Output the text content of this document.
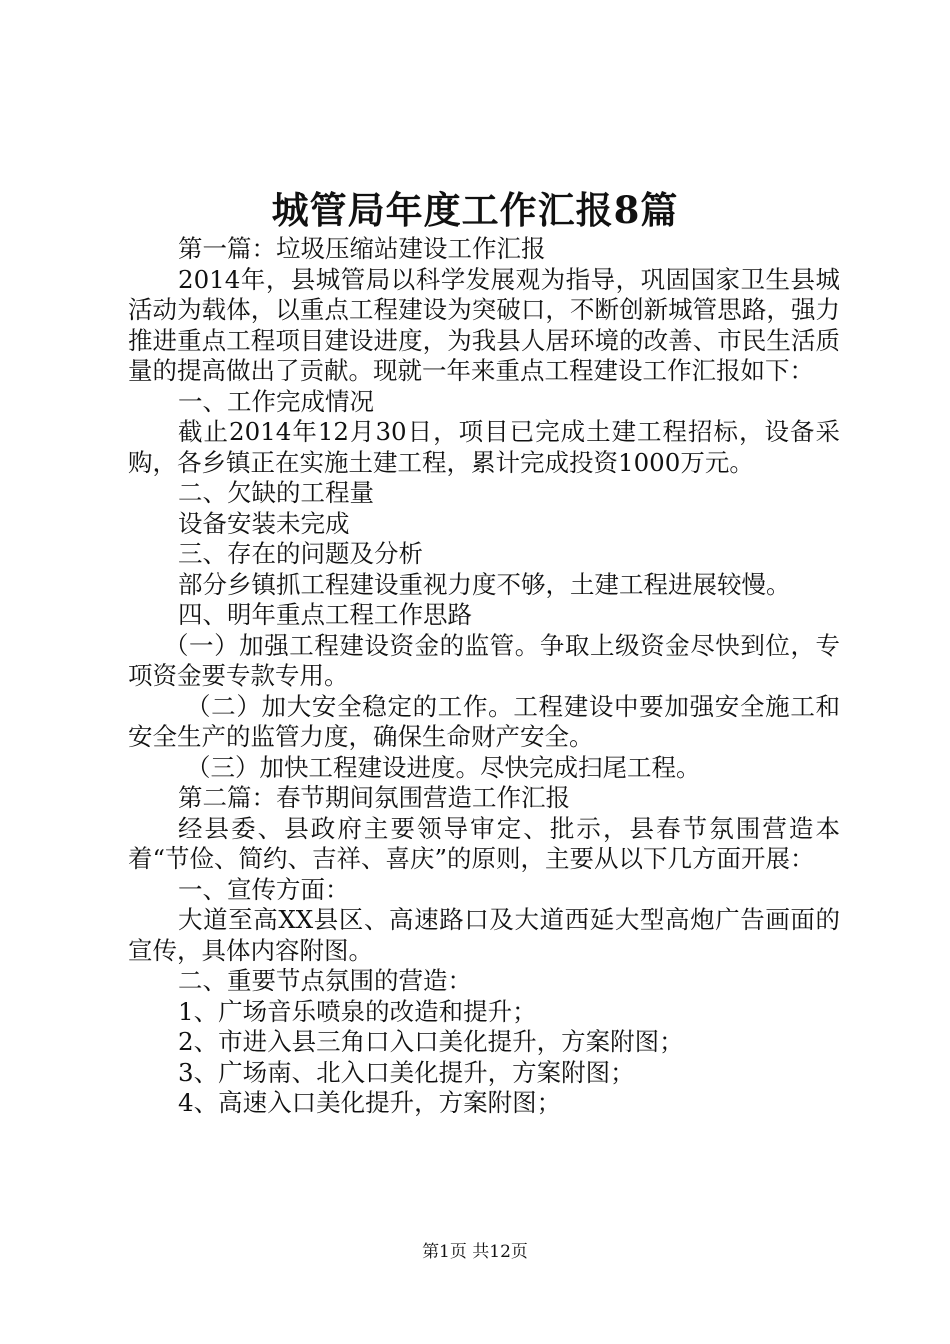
城管局年度工作汇报8篇

第一篇：垃圾压缩站建设工作汇报

2014年，县城管局以科学发展观为指导，巩固国家卫生县城活动为载体，以重点工程建设为突破口，不断创新城管思路，强力推进重点工程项目建设进度，为我县人居环境的改善、市民生活质量的提高做出了贡献。现就一年来重点工程建设工作汇报如下：

一、工作完成情况

截止2014年12月30日，项目已完成土建工程招标，设备采购，各乡镇正在实施土建工程，累计完成投资1000万元。

二、欠缺的工程量

设备安装未完成

三、存在的问题及分析

部分乡镇抓工程建设重视力度不够，土建工程进展较慢。

四、明年重点工程工作思路

（一）加强工程建设资金的监管。争取上级资金尽快到位，专项资金要专款专用。

（二）加大安全稳定的工作。工程建设中要加强安全施工和安全生产的监管力度，确保生命财产安全。

（三）加快工程建设进度。尽快完成扫尾工程。

第二篇：春节期间氛围营造工作汇报

经县委、县政府主要领导审定、批示，县春节氛围营造本着“节俭、简约、吉祥、喜庆”的原则，主要从以下几方面开展：

一、宣传方面：

大道至高XX县区、高速路口及大道西延大型高炮广告画面的宣传，具体内容附图。

二、重要节点氛围的营造：

1、广场音乐喷泉的改造和提升；

2、市进入县三角口入口美化提升，方案附图；

3、广场南、北入口美化提升，方案附图；

4、高速入口美化提升，方案附图；

第1页 共12页
